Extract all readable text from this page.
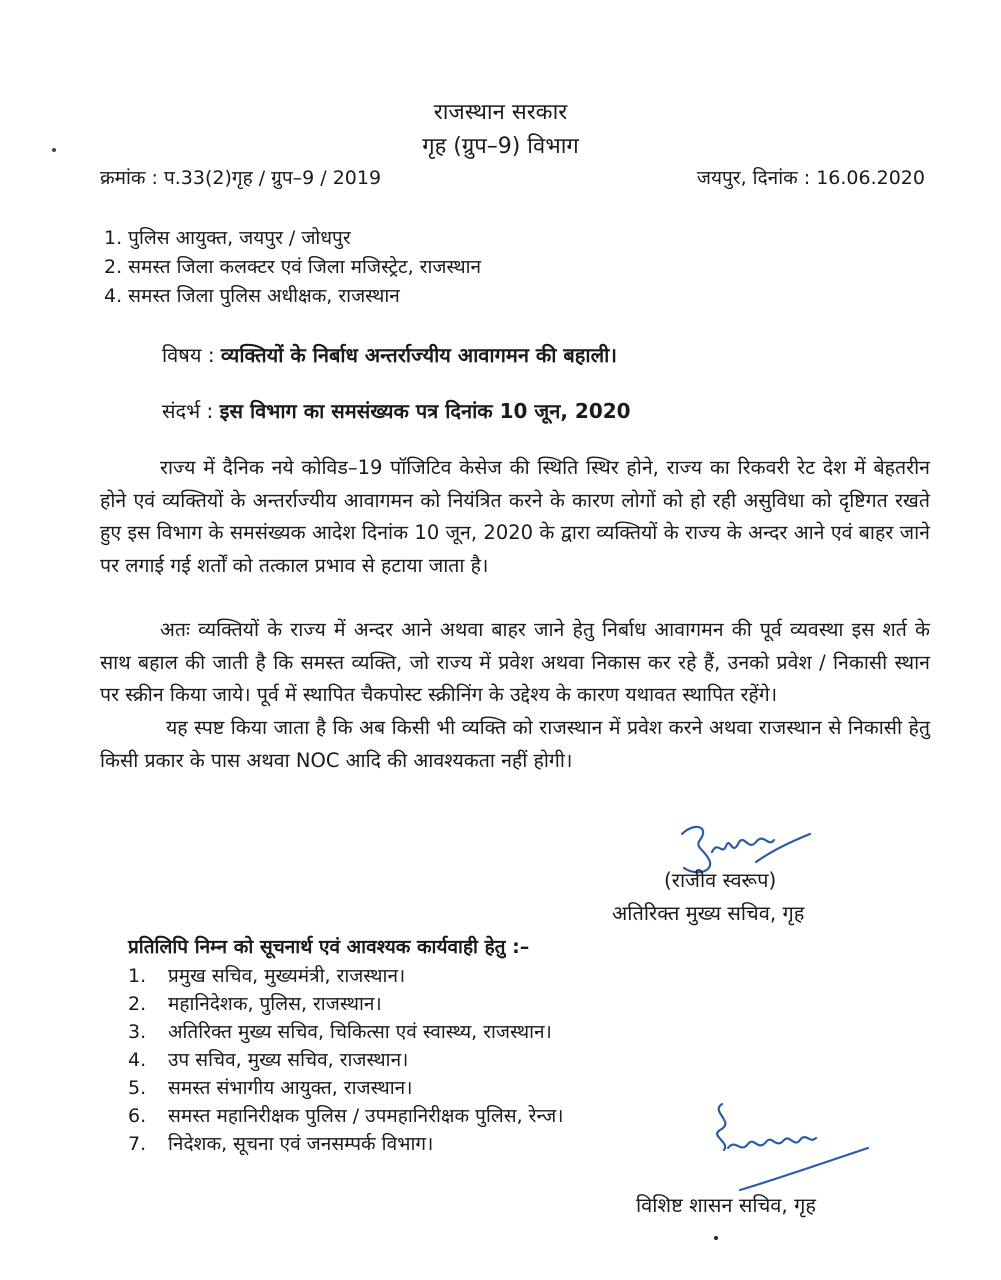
राजस्थान सरकार
गृह (ग्रुप–9) विभाग
क्रमांक : प.33(2)गृह / ग्रुप–9 / 2019	जयपुर, दिनांक : 16.06.2020
1. पुलिस आयुक्त, जयपुर / जोधपुर
2. समस्त जिला कलक्टर एवं जिला मजिस्ट्रेट, राजस्थान
4. समस्त जिला पुलिस अधीक्षक, राजस्थान
विषय : व्यक्तियों के निर्बाध अन्तर्राज्यीय आवागमन की बहाली।
संदर्भ : इस विभाग का समसंख्यक पत्र दिनांक 10 जून, 2020
राज्य में दैनिक नये कोविड–19 पॉजिटिव केसेज की स्थिति स्थिर होने, राज्य का रिकवरी रेट देश में बेहतरीन होने एवं व्यक्तियों के अन्तर्राज्यीय आवागमन को नियंत्रित करने के कारण लोगों को हो रही असुविधा को दृष्टिगत रखते हुए इस विभाग के समसंख्यक आदेश दिनांक 10 जून, 2020 के द्वारा व्यक्तियों के राज्य के अन्दर आने एवं बाहर जाने पर लगाई गई शर्तों को तत्काल प्रभाव से हटाया जाता है।
अतः व्यक्तियों के राज्य में अन्दर आने अथवा बाहर जाने हेतु निर्बाध आवागमन की पूर्व व्यवस्था इस शर्त के साथ बहाल की जाती है कि समस्त व्यक्ति, जो राज्य में प्रवेश अथवा निकास कर रहे हैं, उनको प्रवेश / निकासी स्थान पर स्क्रीन किया जाये। पूर्व में स्थापित चैकपोस्ट स्क्रीनिंग के उद्देश्य के कारण यथावत स्थापित रहेंगे।
यह स्पष्ट किया जाता है कि अब किसी भी व्यक्ति को राजस्थान में प्रवेश करने अथवा राजस्थान से निकासी हेतु किसी प्रकार के पास अथवा NOC आदि की आवश्यकता नहीं होगी।
(राजीव स्वरूप)
अतिरिक्त मुख्य सचिव, गृह
प्रतिलिपि निम्न को सूचनार्थ एवं आवश्यक कार्यवाही हेतु :–
1. प्रमुख सचिव, मुख्यमंत्री, राजस्थान।
2. महानिदेशक, पुलिस, राजस्थान।
3. अतिरिक्त मुख्य सचिव, चिकित्सा एवं स्वास्थ्य, राजस्थान।
4. उप सचिव, मुख्य सचिव, राजस्थान।
5. समस्त संभागीय आयुक्त, राजस्थान।
6. समस्त महानिरीक्षक पुलिस / उपमहानिरीक्षक पुलिस, रेन्ज।
7. निदेशक, सूचना एवं जनसम्पर्क विभाग।
विशिष्ट शासन सचिव, गृह
